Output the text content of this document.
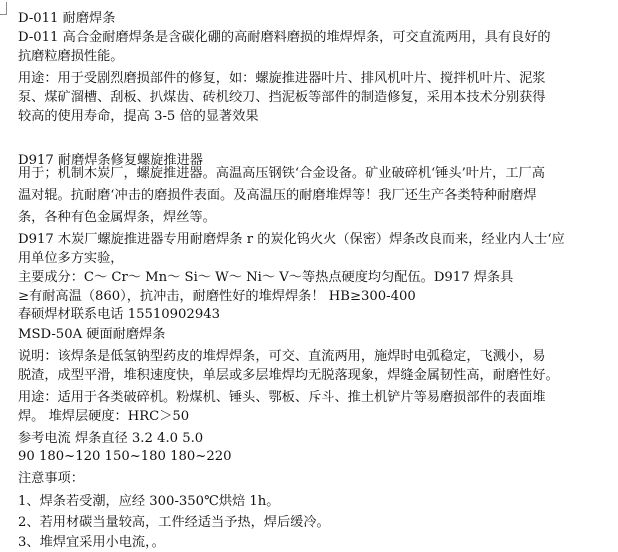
D-011 耐磨焊条
D-011 高合金耐磨焊条是含碳化硼的高耐磨料磨损的堆焊焊条，可交直流两用，具有良好的
抗磨粒磨损性能。
用途：用于受剧烈磨损部件的修复，如：螺旋推进器叶片、排风机叶片、搅拌机叶片、泥浆
泵、煤矿溜槽、刮板、扒煤齿、砖机绞刀、挡泥板等部件的制造修复，采用本技术分别获得
较高的使用寿命，提高 3-5 倍的显著效果
D917 耐磨焊条修复螺旋推进器
用于；机制木炭厂，螺旋推进器。高温高压钢铁‘合金设备。矿业破碎机‘锤头’叶片，工厂高
温对辊。抗耐磨‘冲击的磨损件表面。及高温压的耐磨堆焊等！我厂还生产各类特种耐磨焊
条，各种有色金属焊条，焊丝等。
D917 木炭厂螺旋推进器专用耐磨焊条 r 的炭化钨火火（保密）焊条改良而来，经业内人士‘应
用单位多方实验，
主要成分：C～ Cr～ Mn～ Si～ W～ Ni～ V～等热点硬度均匀配伍。D917 焊条具
≥有耐高温（860），抗冲击，耐磨性好的堆焊焊条！ HB≥300-400
春硕焊材联系电话 15510902943
MSD-50A 硬面耐磨焊条
说明：该焊条是低氢钠型药皮的堆焊焊条，可交、直流两用，施焊时电弧稳定，飞溅小，易
脱渣，成型平滑，堆积速度快，单层或多层堆焊均无脱落现象，焊缝金属韧性高，耐磨性好。
用途：适用于各类破碎机。粉煤机、锤头、鄂板、斥斗、推土机铲片等易磨损部件的表面堆
焊。 堆焊层硬度：HRC＞50
参考电流 焊条直径 3.2 4.0 5.0
90 180~120 150~180 180~220
注意事项：
1、焊条若受潮，应经 300-350℃烘焙 1h。
2、若用材碳当量较高，工件经适当予热，焊后缓冷。
3、堆焊宜采用小电流，。
